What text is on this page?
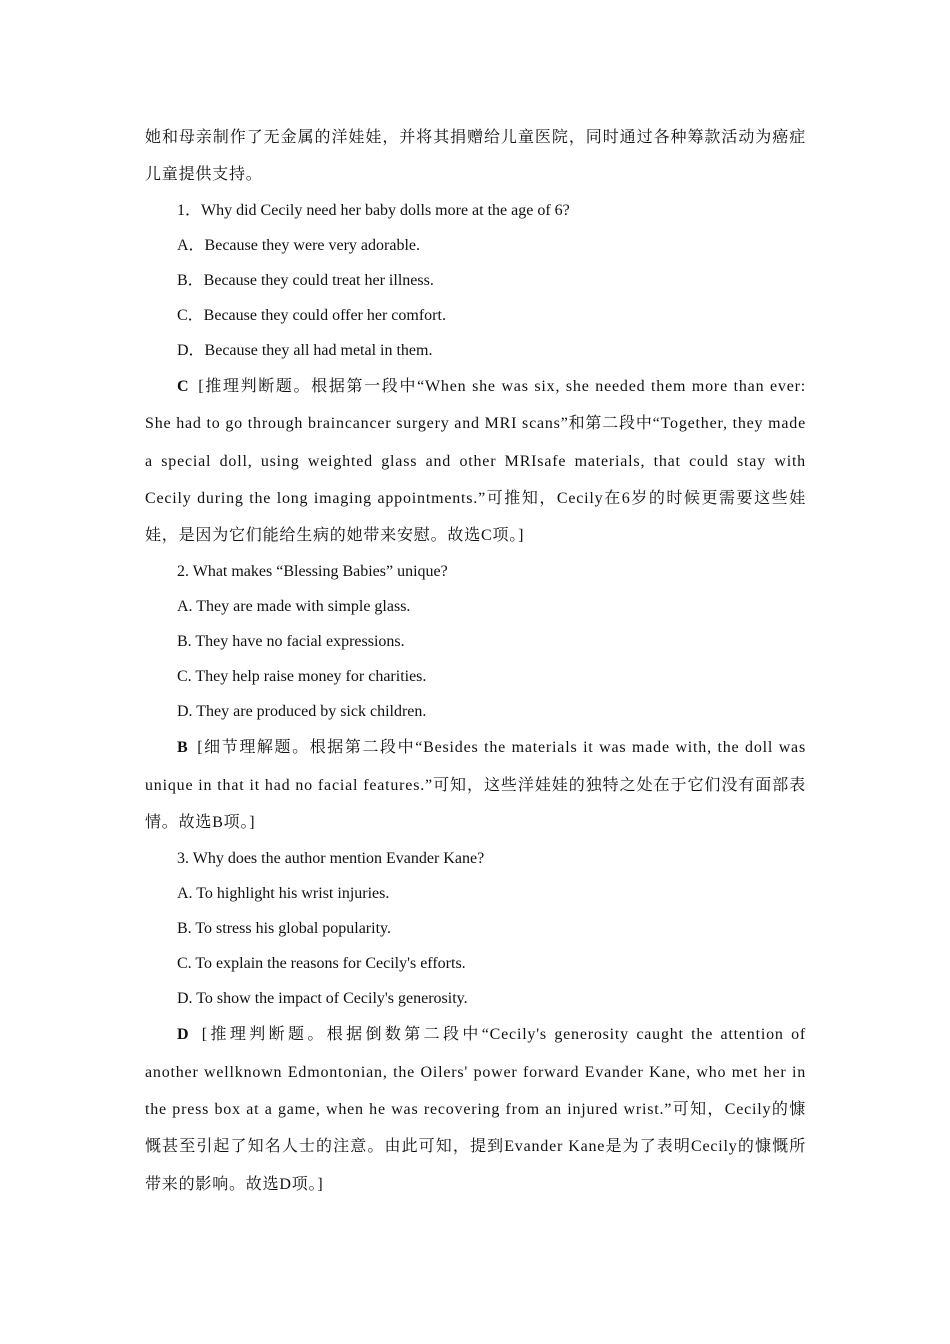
她和母亲制作了无金属的洋娃娃，并将其捐赠给儿童医院，同时通过各种筹款活动为癌症儿童提供支持。

1．Why did Cecily need her baby dolls more at the age of 6?

A．Because they were very adorable.

B．Because they could treat her illness.

C．Because they could offer her comfort.

D．Because they all had metal in them.

C [推理判断题。根据第一段中“When she was six, she needed them more than ever: She had to go through braincancer surgery and MRI scans”和第二段中“Together, they made a special doll, using weighted glass and other MRIsafe materials, that could stay with Cecily during the long imaging appointments.”可推知，Cecily在6岁的时候更需要这些娃娃，是因为它们能给生病的她带来安慰。故选C项。]

2. What makes “Blessing Babies” unique?

A. They are made with simple glass.

B. They have no facial expressions.

C. They help raise money for charities.

D. They are produced by sick children.

B [细节理解题。根据第二段中“Besides the materials it was made with, the doll was unique in that it had no facial features.”可知，这些洋娃娃的独特之处在于它们没有面部表情。故选B项。]

3. Why does the author mention Evander Kane?

A. To highlight his wrist injuries.

B. To stress his global popularity.

C. To explain the reasons for Cecily's efforts.

D. To show the impact of Cecily's generosity.

D [推理判断题。根据倒数第二段中“Cecily's generosity caught the attention of another wellknown Edmontonian, the Oilers' power forward Evander Kane, who met her in the press box at a game, when he was recovering from an injured wrist.”可知，Cecily的慷慨甚至引起了知名人士的注意。由此可知，提到Evander Kane是为了表明Cecily的慷慨所带来的影响。故选D项。]
